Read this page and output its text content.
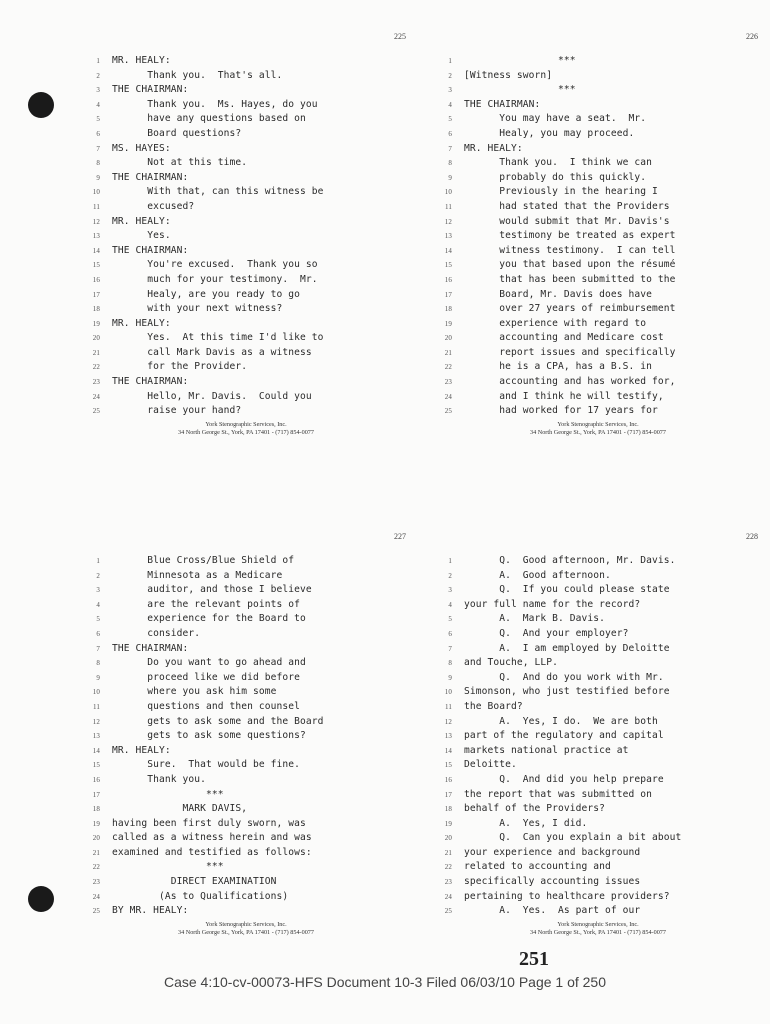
225
1 MR. HEALY:
2 Thank you.  That's all.
3 THE CHAIRMAN:
4 Thank you.  Ms. Hayes, do you
5 have any questions based on
6 Board questions?
7 MS. HAYES:
8 Not at this time.
9 THE CHAIRMAN:
10 With that, can this witness be
11 excused?
12 MR. HEALY:
13 Yes.
14 THE CHAIRMAN:
15 You're excused.  Thank you so
16 much for your testimony.  Mr.
17 Healy, are you ready to go
18 with your next witness?
19 MR. HEALY:
20 Yes.  At this time I'd like to
21 call Mark Davis as a witness
22 for the Provider.
23 THE CHAIRMAN:
24 Hello, Mr. Davis.  Could you
25 raise your hand?
York Stenographic Services, Inc.
34 North George St., York, PA 17401 - (717) 854-0077
226
1 ***
2 [Witness sworn]
3 ***
4 THE CHAIRMAN:
5 You may have a seat.  Mr.
6 Healy, you may proceed.
7 MR. HEALY:
8 Thank you.  I think we can
9 probably do this quickly.
10 Previously in the hearing I
11 had stated that the Providers
12 would submit that Mr. Davis's
13 testimony be treated as expert
14 witness testimony.  I can tell
15 you that based upon the résumé
16 that has been submitted to the
17 Board, Mr. Davis does have
18 over 27 years of reimbursement
19 experience with regard to
20 accounting and Medicare cost
21 report issues and specifically
22 he is a CPA, has a B.S. in
23 accounting and has worked for,
24 and I think he will testify,
25 had worked for 17 years for
York Stenographic Services, Inc.
34 North George St., York, PA 17401 - (717) 854-0077
227
1 Blue Cross/Blue Shield of
2 Minnesota as a Medicare
3 auditor, and those I believe
4 are the relevant points of
5 experience for the Board to
6 consider.
7 THE CHAIRMAN:
8 Do you want to go ahead and
9 proceed like we did before
10 where you ask him some
11 questions and then counsel
12 gets to ask some and the Board
13 gets to ask some questions?
14 MR. HEALY:
15 Sure.  That would be fine.
16 Thank you.
17 ***
18 MARK DAVIS,
19 having been first duly sworn, was
20 called as a witness herein and was
21 examined and testified as follows:
22 ***
23 DIRECT EXAMINATION
24 (As to Qualifications)
25 BY MR. HEALY:
York Stenographic Services, Inc.
34 North George St., York, PA 17401 - (717) 854-0077
228
1 Q.  Good afternoon, Mr. Davis.
2 A.  Good afternoon.
3 Q.  If you could please state
4 your full name for the record?
5 A.  Mark B. Davis.
6 Q.  And your employer?
7 A.  I am employed by Deloitte
8 and Touche, LLP.
9 Q.  And do you work with Mr.
10 Simonson, who just testified before
11 the Board?
12 A.  Yes, I do.  We are both
13 part of the regulatory and capital
14 markets national practice at
15 Deloitte.
16 Q.  And did you help prepare
17 the report that was submitted on
18 behalf of the Providers?
19 A.  Yes, I did.
20 Q.  Can you explain a bit about
21 your experience and background
22 related to accounting and
23 specifically accounting issues
24 pertaining to healthcare providers?
25 A.  Yes.  As part of our
York Stenographic Services, Inc.
34 North George St., York, PA 17401 - (717) 854-0077
251
Case 4:10-cv-00073-HFS Document 10-3 Filed 06/03/10 Page 1 of 250
